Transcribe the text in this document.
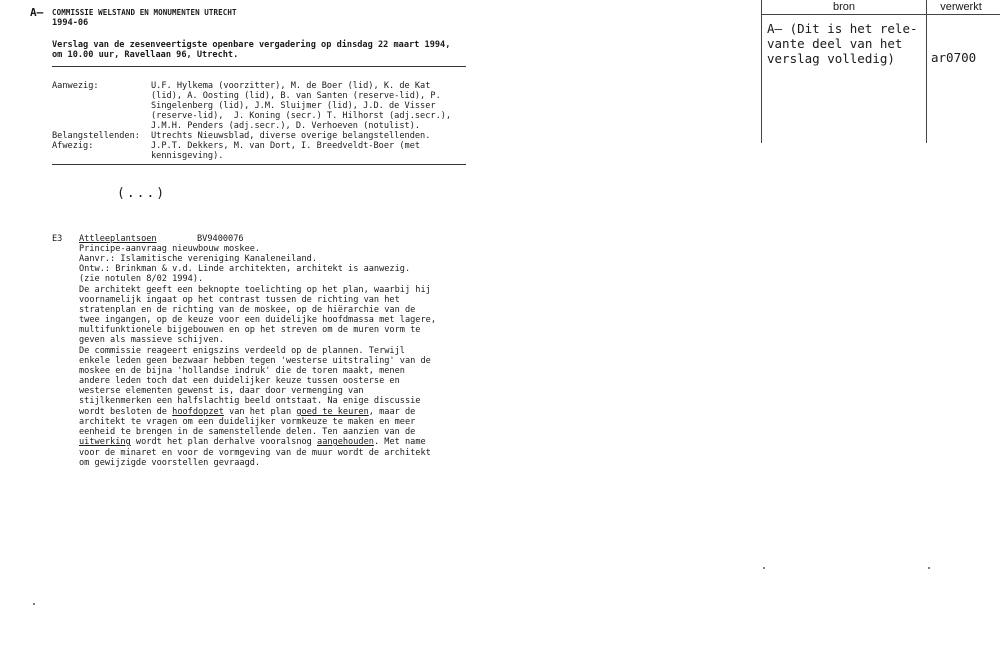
A— COMMISSIE WELSTAND EN MONUMENTEN UTRECHT
1994-06
Verslag van de zesenveertigste openbare vergadering op dinsdag 22 maart 1994,
om 10.00 uur, Ravellaan 96, Utrecht.
Aanwezig:	U.F. Hylkema (voorzitter), M. de Boer (lid), K. de Kat
(lid), A. Oosting (lid), B. van Santen (reserve-lid), P.
Singelenberg (lid), J.M. Sluijmer (lid), J.D. de Visser
(reserve-lid),  J. Koning (secr.) T. Hilhorst (adj.secr.),
J.M.H. Penders (adj.secr.), D. Verhoeven (notulist).
Belangstellenden: Utrechts Nieuwsblad, diverse overige belangstellenden.
Afwezig:	J.P.T. Dekkers, M. van Dort, I. Breedveldt-Boer (met
kennisgeving).
(...)
E3 Attleeplantsoen	BV9400076
Principe-aanvraag nieuwbouw moskee.
Aanvr.: Islamitische vereniging Kanaleneiland.
Ontw.: Brinkman & v.d. Linde architekten, architekt is aanwezig.
(zie notulen 8/02 1994).
De architekt geeft een beknopte toelichting op het plan, waarbij hij
voornamelijk ingaat op het contrast tussen de richting van het
stratenplan en de richting van de moskee, op de hiërarchie van de
twee ingangen, op de keuze voor een duidelijke hoofdmassa met lagere,
multifunktionele bijgebouwen en op het streven om de muren vorm te
geven als massieve schijven.
De commissie reageert enigszins verdeeld op de plannen. Terwijl
enkele leden geen bezwaar hebben tegen 'westerse uitstraling' van de
moskee en de bijna 'hollandse indruk' die de toren maakt, menen
andere leden toch dat een duidelijker keuze tussen oosterse en
westerse elementen gewenst is, daar door vermenging van
stijlkenmerken een halfslachtig beeld ontstaat. Na enige discussie
wordt besloten de hoofdopzet van het plan goed te keuren, maar de
architekt te vragen om een duidelijker vormkeuze te maken en meer
eenheid te brengen in de samenstellende delen. Ten aanzien van de
uitwerking wordt het plan derhalve vooralsnog aangehouden. Met name
voor de minaret en voor de vormgeving van de muur wordt de architekt
om gewijzigde voorstellen gevraagd.
bron	verwerkt
A— (Dit is het rele-
vante deel van het
verslag volledig)	ar0700
